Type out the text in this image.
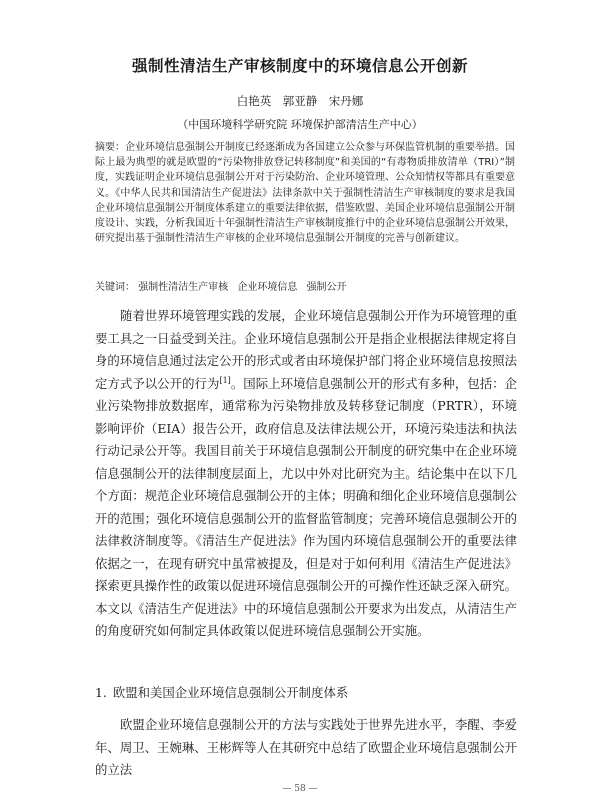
强制性清洁生产审核制度中的环境信息公开创新
白艳英　郭亚静　宋丹娜
（中国环境科学研究院 环境保护部清洁生产中心）
摘要：企业环境信息强制公开制度已经逐渐成为各国建立公众参与环保监管机制的重要举措。国际上最为典型的就是欧盟的“污染物排放登记转移制度”和美国的“有毒物质排放清单（TRI）”制度，实践证明企业环境信息强制公开对于污染防治、企业环境管理、公众知情权等都具有重要意义。《中华人民共和国清洁生产促进法》法律条款中关于强制性清洁生产审核制度的要求是我国企业环境信息强制公开制度体系建立的重要法律依据，借鉴欧盟、美国企业环境信息强制公开制度设计、实践，分析我国近十年强制性清洁生产审核制度推行中的企业环境信息强制公开效果，研究提出基于强制性清洁生产审核的企业环境信息强制公开制度的完善与创新建议。
关键词： 强制性清洁生产审核 企业环境信息 强制公开
随着世界环境管理实践的发展，企业环境信息强制公开作为环境管理的重要工具之一日益受到关注。企业环境信息强制公开是指企业根据法律规定将自身的环境信息通过法定公开的形式或者由环境保护部门将企业环境信息按照法定方式予以公开的行为[1]。国际上环境信息强制公开的形式有多种，包括：企业污染物排放数据库，通常称为污染物排放及转移登记制度（PRTR），环境影响评价（EIA）报告公开，政府信息及法律法规公开，环境污染违法和执法行动记录公开等。我国目前关于环境信息强制公开制度的研究集中在企业环境信息强制公开的法律制度层面上，尤以中外对比研究为主。结论集中在以下几个方面：规范企业环境信息强制公开的主体；明确和细化企业环境信息强制公开的范围；强化环境信息强制公开的监督监管制度；完善环境信息强制公开的法律救济制度等。《清洁生产促进法》作为国内环境信息强制公开的重要法律依据之一，在现有研究中虽常被提及，但是对于如何利用《清洁生产促进法》探索更具操作性的政策以促进环境信息强制公开的可操作性还缺乏深入研究。本文以《清洁生产促进法》中的环境信息强制公开要求为出发点，从清洁生产的角度研究如何制定具体政策以促进环境信息强制公开实施。
1. 欧盟和美国企业环境信息强制公开制度体系
欧盟企业环境信息强制公开的方法与实践处于世界先进水平，李醒、李爱年、周卫、王婉琳、王彬辉等人在其研究中总结了欧盟企业环境信息强制公开的立法
— 58 —
